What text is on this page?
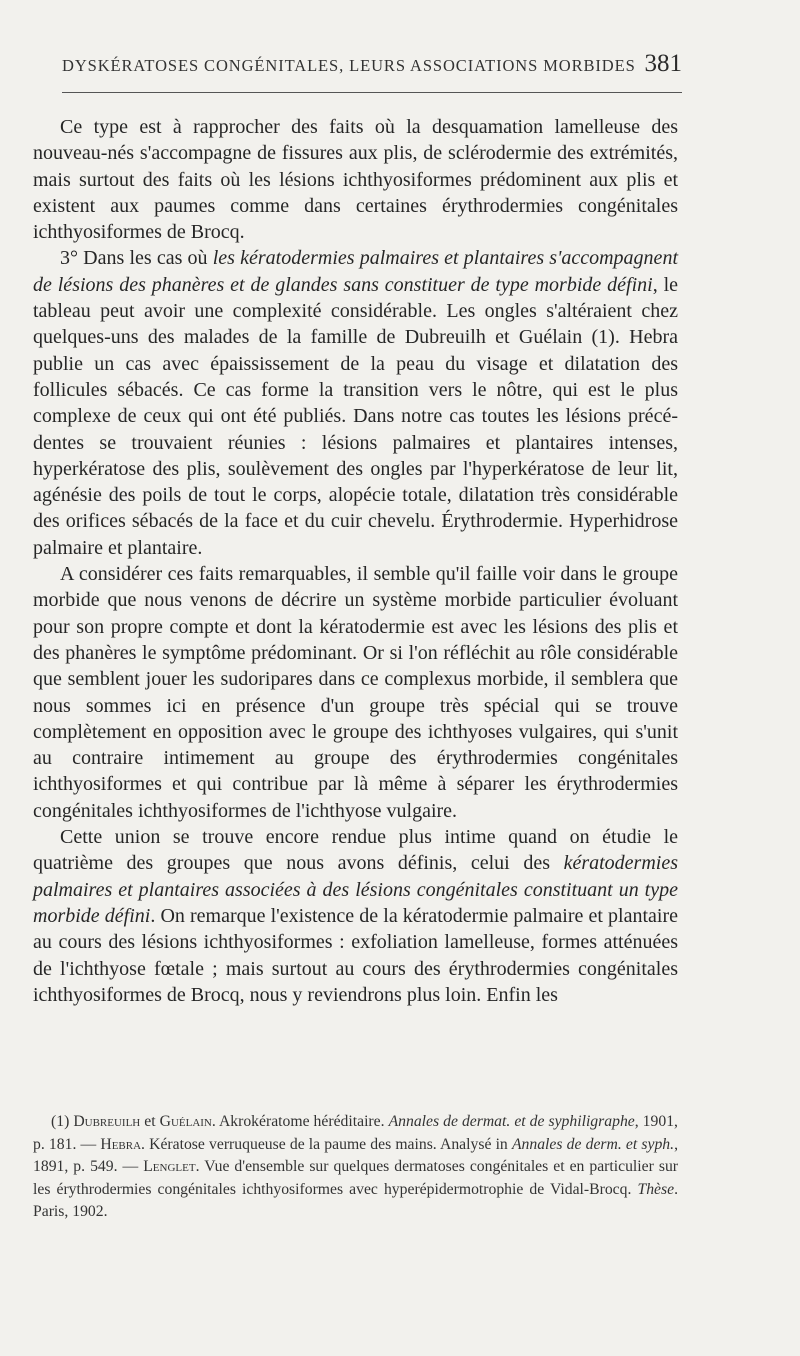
DYSKÉRATOSES CONGÉNITALES, LEURS ASSOCIATIONS MORBIDES 381

Ce type est à rapprocher des faits où la desquamation lamelleuse des nouveau-nés s'accompagne de fissures aux plis, de sclérodermie des extrémités, mais surtout des faits où les lésions ichthyosiformes prédominent aux plis et existent aux paumes comme dans certaines érythrodermies congénitales ichthyosiformes de Brocq.

3° Dans les cas où les kératodermies palmaires et plantaires s'accompagnent de lésions des phanères et de glandes sans constituer de type morbide défini, le tableau peut avoir une complexité considérable. Les ongles s'altéraient chez quelques-uns des malades de la famille de Dubreuilh et Guélain (1). Hebra publie un cas avec épaississement de la peau du visage et dilatation des follicules sébacés. Ce cas forme la transition vers le nôtre, qui est le plus complexe de ceux qui ont été publiés. Dans notre cas toutes les lésions précédentes se trouvaient réunies : lésions palmaires et plantaires intenses, hyperkératose des plis, soulèvement des ongles par l'hyperkératose de leur lit, agénésie des poils de tout le corps, alopécie totale, dilatation très considérable des orifices sébacés de la face et du cuir chevelu. Érythrodermie. Hyperhidrose palmaire et plantaire.

A considérer ces faits remarquables, il semble qu'il faille voir dans le groupe morbide que nous venons de décrire un système morbide particulier évoluant pour son propre compte et dont la kératodermie est avec les lésions des plis et des phanères le symptôme prédominant. Or si l'on réfléchit au rôle considérable que semblent jouer les sudoripares dans ce complexus morbide, il semblera que nous sommes ici en présence d'un groupe très spécial qui se trouve complètement en opposition avec le groupe des ichthyoses vulgaires, qui s'unit au contraire intimement au groupe des érythrodermies congénitales ichthyosiformes et qui contribue par là même à séparer les érythrodermies congénitales ichthyosiformes de l'ichthyose vulgaire.

Cette union se trouve encore rendue plus intime quand on étudie le quatrième des groupes que nous avons définis, celui des kératodermies palmaires et plantaires associées à des lésions congénitales constituant un type morbide défini. On remarque l'existence de la kératodermie palmaire et plantaire au cours des lésions ichthyosiformes : exfoliation lamelleuse, formes atténuées de l'ichthyose fœtale ; mais surtout au cours des érythrodermies congénitales ichthyosiformes de Brocq, nous y reviendrons plus loin. Enfin les

(1) Dubreuilh et Guélain. Akrokératome héréditaire. Annales de dermat. et de syphiligraphe, 1901, p. 181. — Hebra. Kératose verruqueuse de la paume des mains. Analysé in Annales de derm. et syph., 1891, p. 549. — Lenglet. Vue d'ensemble sur quelques dermatoses congénitales et en particulier sur les érythrodermies congénitales ichthyosiformes avec hyperépidermotrophie de Vidal-Brocq. Thèse. Paris, 1902.
